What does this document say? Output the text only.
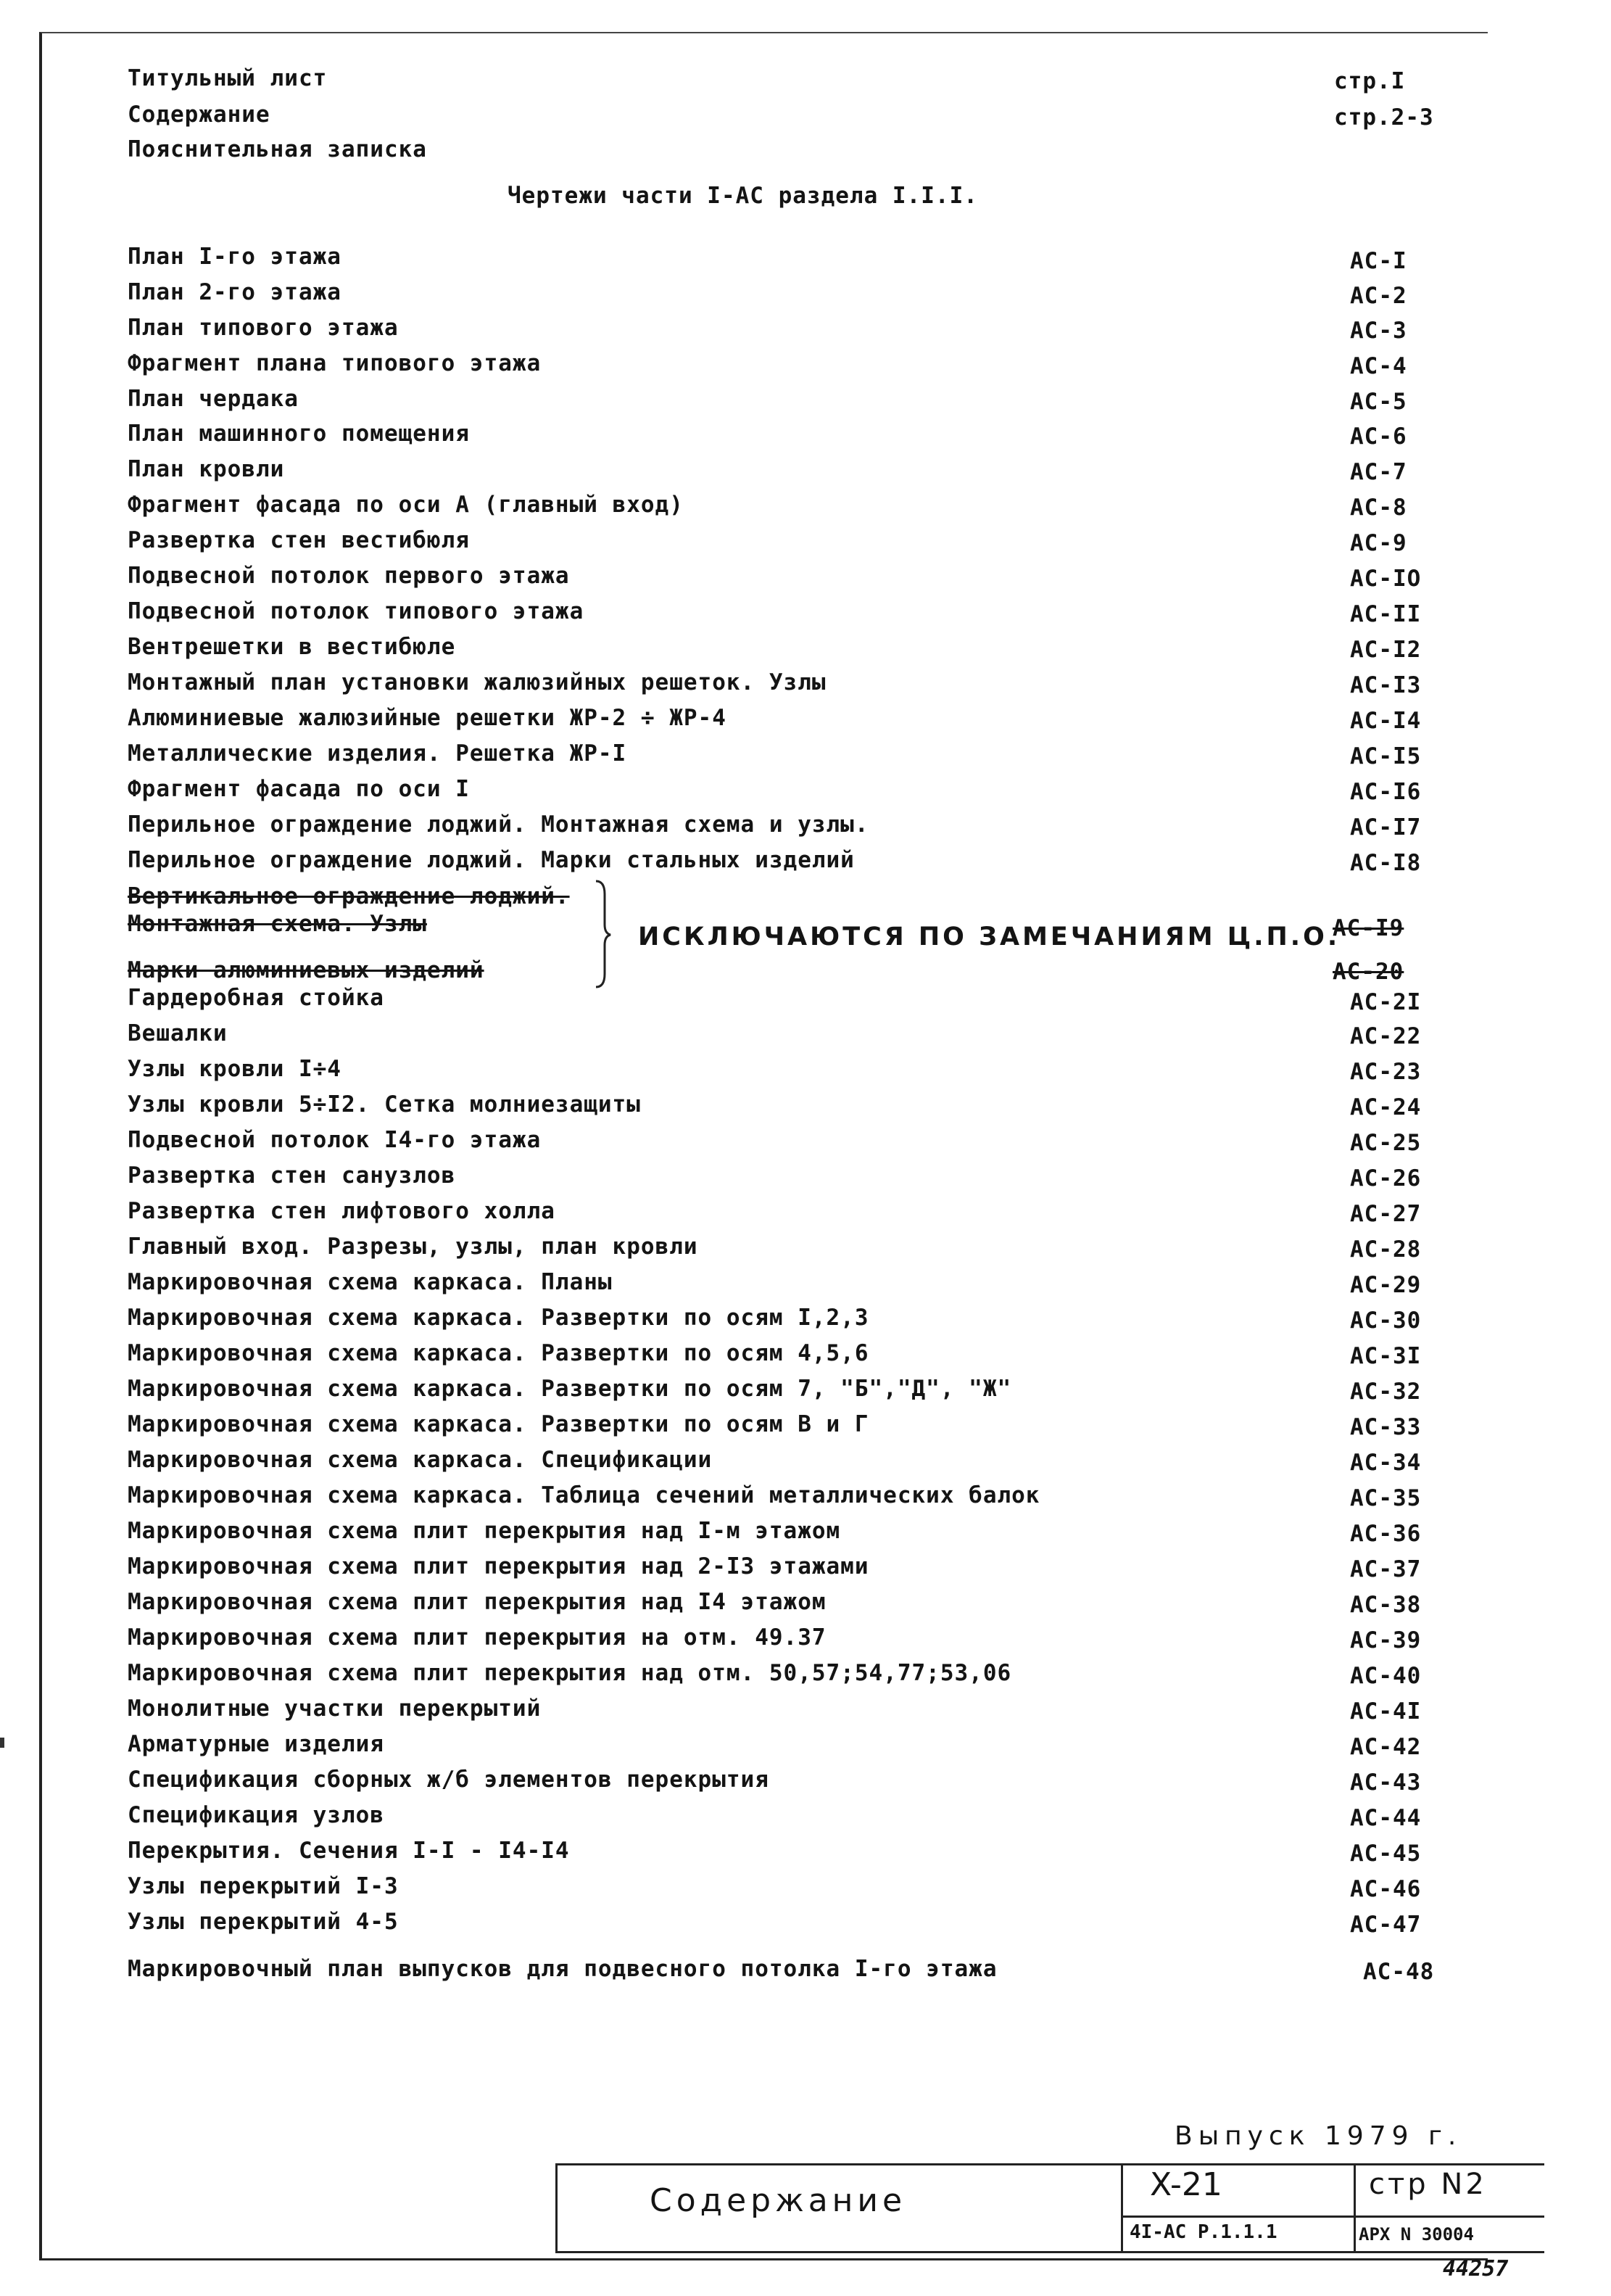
Титульный лист	стр.I
Содержание	стр.2-3
Пояснительная записка
Чертежи части I-АС раздела I.I.I.
План I-го этажа	АС-I
План 2-го этажа	АС-2
План типового этажа	АС-3
Фрагмент плана типового этажа	АС-4
План чердака	АС-5
План машинного помещения	АС-6
План кровли	АС-7
Фрагмент фасада по оси А (главный вход)	АС-8
Развертка стен вестибюля	АС-9
Подвесной потолок первого этажа	АС-IO
Подвесной потолок типового этажа	АС-II
Вентрешетки в вестибюле	АС-I2
Монтажный план установки жалюзийных решеток. Узлы	АС-I3
Алюминиевые жалюзийные решетки ЖР-2 ÷ ЖР-4	АС-I4
Металлические изделия. Решетка ЖР-I	АС-I5
Фрагмент фасада по оси I	АС-I6
Перильное ограждение лоджий. Монтажная схема и узлы.	АС-I7
Перильное ограждение лоджий. Марки стальных изделий	АС-I8
Вертикальное ограждение лоджий.
Монтажная схема. Узлы	АС-I9
Марки алюминиевых изделий	АС-20
ИСКЛЮЧАЮТСЯ ПО ЗАМЕЧАНИЯМ Ц.П.О.
Гардеробная стойка	АС-2I
Вешалки	АС-22
Узлы кровли I÷4	АС-23
Узлы кровли 5÷I2. Сетка молниезащиты	АС-24
Подвесной потолок I4-го этажа	АС-25
Развертка стен санузлов	АС-26
Развертка стен лифтового холла	АС-27
Главный вход. Разрезы, узлы, план кровли	АС-28
Маркировочная схема каркаса. Планы	АС-29
Маркировочная схема каркаса. Развертки по осям I,2,3	АС-30
Маркировочная схема каркаса. Развертки по осям 4,5,6	АС-3I
Маркировочная схема каркаса. Развертки по осям 7, "Б","Д", "Ж"	АС-32
Маркировочная схема каркаса. Развертки по осям В и Г	АС-33
Маркировочная схема каркаса. Спецификации	АС-34
Маркировочная схема каркаса. Таблица сечений металлических балок	АС-35
Маркировочная схема плит перекрытия над I-м этажом	АС-36
Маркировочная схема плит перекрытия над 2-I3 этажами	АС-37
Маркировочная схема плит перекрытия над I4 этажом	АС-38
Маркировочная схема плит перекрытия на отм. 49.37	АС-39
Маркировочная схема плит перекрытия над отм. 50,57;54,77;53,06	АС-40
Монолитные участки перекрытий	АС-4I
Арматурные изделия	АС-42
Спецификация сборных ж/б элементов перекрытия	АС-43
Спецификация узлов	АС-44
Перекрытия. Сечения I-I - I4-I4	АС-45
Узлы перекрытий I-3	АС-46
Узлы перекрытий 4-5	АС-47
Маркировочный план выпусков для подвесного потолка I-го этажа	АС-48
Выпуск 1979 г.
Содержание	X-21
4I-AC P.1.1.1
стр N2
АРХ N 30004
44257
